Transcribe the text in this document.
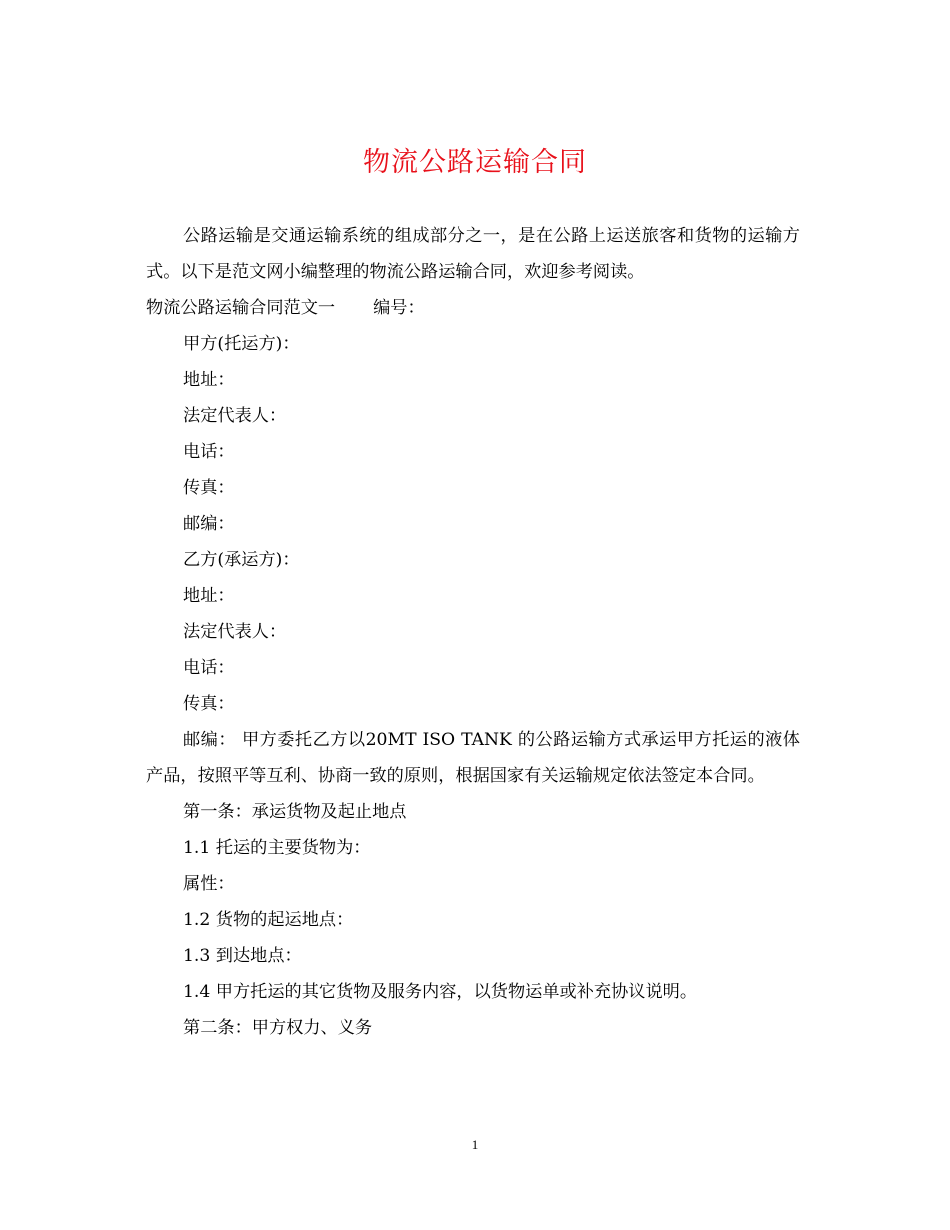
物流公路运输合同

公路运输是交通运输系统的组成部分之一，是在公路上运送旅客和货物的运输方式。以下是范文网小编整理的物流公路运输合同，欢迎参考阅读。

物流公路运输合同范文一 编号：

甲方(托运方)：

地址：

法定代表人：

电话：

传真：

邮编：

乙方(承运方)：

地址：

法定代表人：

电话：

传真：

邮编： 甲方委托乙方以20MT ISO TANK 的公路运输方式承运甲方托运的液体产品，按照平等互利、协商一致的原则，根据国家有关运输规定依法签定本合同。

第一条：承运货物及起止地点

1.1 托运的主要货物为：

属性：

1.2 货物的起运地点：

1.3 到达地点：

1.4 甲方托运的其它货物及服务内容，以货物运单或补充协议说明。

第二条：甲方权力、义务

1
